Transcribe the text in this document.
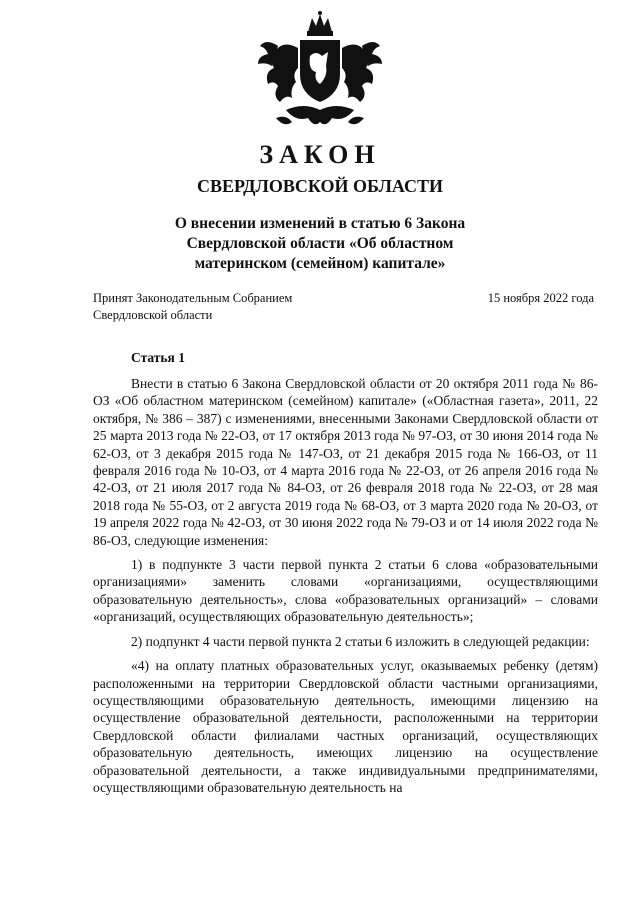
ЗАКОН
СВЕРДЛОВСКОЙ ОБЛАСТИ
О внесении изменений в статью 6 Закона Свердловской области «Об областном материнском (семейном) капитале»
Принят Законодательным Собранием
Свердловской области
15 ноября 2022 года
Статья 1

Внести в статью 6 Закона Свердловской области от 20 октября 2011 года № 86-ОЗ «Об областном материнском (семейном) капитале» («Областная газета», 2011, 22 октября, № 386 – 387) с изменениями, внесенными Законами Свердловской области от 25 марта 2013 года № 22-ОЗ, от 17 октября 2013 года № 97-ОЗ, от 30 июня 2014 года № 62-ОЗ, от 3 декабря 2015 года № 147-ОЗ, от 21 декабря 2015 года № 166-ОЗ, от 11 февраля 2016 года № 10-ОЗ, от 4 марта 2016 года № 22-ОЗ, от 26 апреля 2016 года № 42-ОЗ, от 21 июля 2017 года № 84-ОЗ, от 26 февраля 2018 года № 22-ОЗ, от 28 мая 2018 года № 55-ОЗ, от 2 августа 2019 года № 68-ОЗ, от 3 марта 2020 года № 20-ОЗ, от 19 апреля 2022 года № 42-ОЗ, от 30 июня 2022 года № 79-ОЗ и от 14 июля 2022 года № 86-ОЗ, следующие изменения:

1) в подпункте 3 части первой пункта 2 статьи 6 слова «образовательными организациями» заменить словами «организациями, осуществляющими образовательную деятельность», слова «образовательных организаций» – словами «организаций, осуществляющих образовательную деятельность»;

2) подпункт 4 части первой пункта 2 статьи 6 изложить в следующей редакции:

«4) на оплату платных образовательных услуг, оказываемых ребенку (детям) расположенными на территории Свердловской области частными организациями, осуществляющими образовательную деятельность, имеющими лицензию на осуществление образовательной деятельности, расположенными на территории Свердловской области филиалами частных организаций, осуществляющих образовательную деятельность, имеющих лицензию на осуществление образовательной деятельности, а также индивидуальными предпринимателями, осуществляющими образовательную деятельность на
